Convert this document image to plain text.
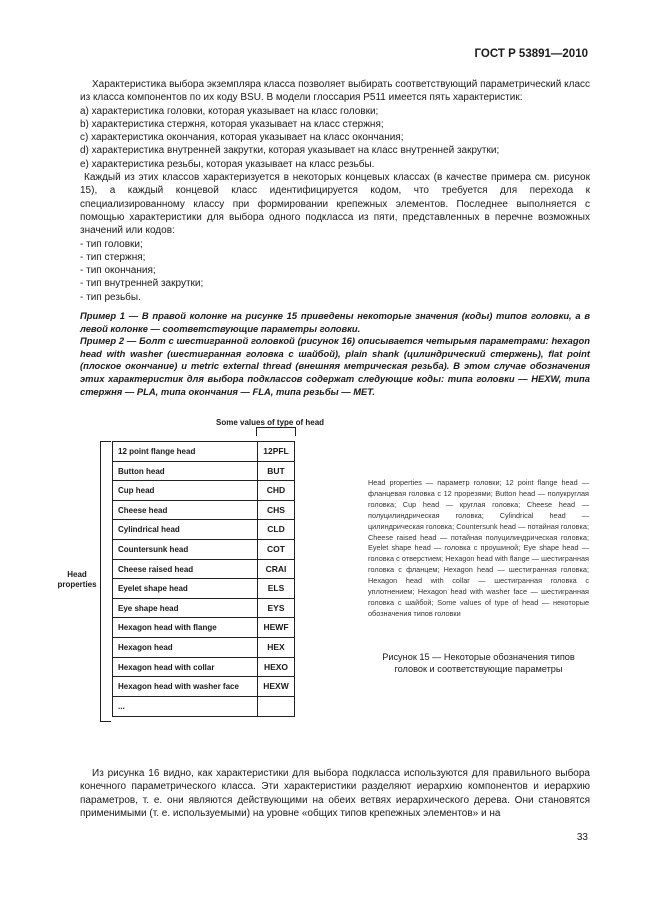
ГОСТ Р 53891—2010
Характеристика выбора экземпляра класса позволяет выбирать соответствующий параметрический класс из класса компонентов по их коду BSU. В модели глоссария P511 имеется пять характеристик:
a) характеристика головки, которая указывает на класс головки;
b) характеристика стержня, которая указывает на класс стержня;
c) характеристика окончания, которая указывает на класс окончания;
d) характеристика внутренней закрутки, которая указывает на класс внутренней закрутки;
e) характеристика резьбы, которая указывает на класс резьбы.
Каждый из этих классов характеризуется в некоторых концевых классах (в качестве примера см. рисунок 15), а каждый концевой класс идентифицируется кодом, что требуется для перехода к специализированному классу при формировании крепежных элементов. Последнее выполняется с помощью характеристики для выбора одного подкласса из пяти, представленных в перечне возможных значений или кодов:
- тип головки;
- тип стержня;
- тип окончания;
- тип внутренней закрутки;
- тип резьбы.
Пример 1 — В правой колонке на рисунке 15 приведены некоторые значения (коды) типов головки, а в левой колонке — соответствующие параметры головки.
Пример 2 — Болт с шестигранной головкой (рисунок 16) описывается четырьмя параметрами: hexagon head with washer (шестигранная головка с шайбой), plain shank (цилиндрический стержень), flat point (плоское окончание) и metric external thread (внешняя метрическая резьба). В этом случае обозначения этих характеристик для выбора подклассов содержат следующие коды: типа головки — HEXW, типа стержня — PLA, типа окончания — FLA, типа резьбы — MET.
Some values of type of head
Head properties
12 point flange head	12PFL
Button head	BUT
Cup head	CHD
Cheese head	CHS
Cylindrical head	CLD
Countersunk head	COT
Cheese raised head	CRAI
Eyelet shape head	ELS
Eye shape head	EYS
Hexagon head with flange	HEWF
Hexagon head	HEX
Hexagon head with collar	HEXO
Hexagon head with washer face	HEXW
...
Head properties — параметр головки; 12 point flange head — фланцевая головка с 12 прорезями; Button head — полукруглая головка; Cup head — круглая головка; Cheese head — полуцилиндрическая головка; Cylindrical head — цилиндрическая головка; Countersunk head — потайная головка; Cheese raised head — потайная полуцилиндрическая головка; Eyelet shape head — головка с проушиной; Eye shape head — головка с отверстием; Hexagon head with flange — шестигранная головка с фланцем; Hexagon head — шестигранная головка; Hexagon head with collar — шестигранная головка с уплотнением; Hexagon head with washer face — шестигранная головка с шайбой; Some values of type of head — некоторые обозначения типов головки
Рисунок 15 — Некоторые обозначения типов головок и соответствующие параметры
Из рисунка 16 видно, как характеристики для выбора подкласса используются для правильного выбора конечного параметрического класса. Эти характеристики разделяют иерархию компонентов и иерархию параметров, т. е. они являются действующими на обеих ветвях иерархического дерева. Они становятся применимыми (т. е. используемыми) на уровне «общих типов крепежных элементов» и на
33
